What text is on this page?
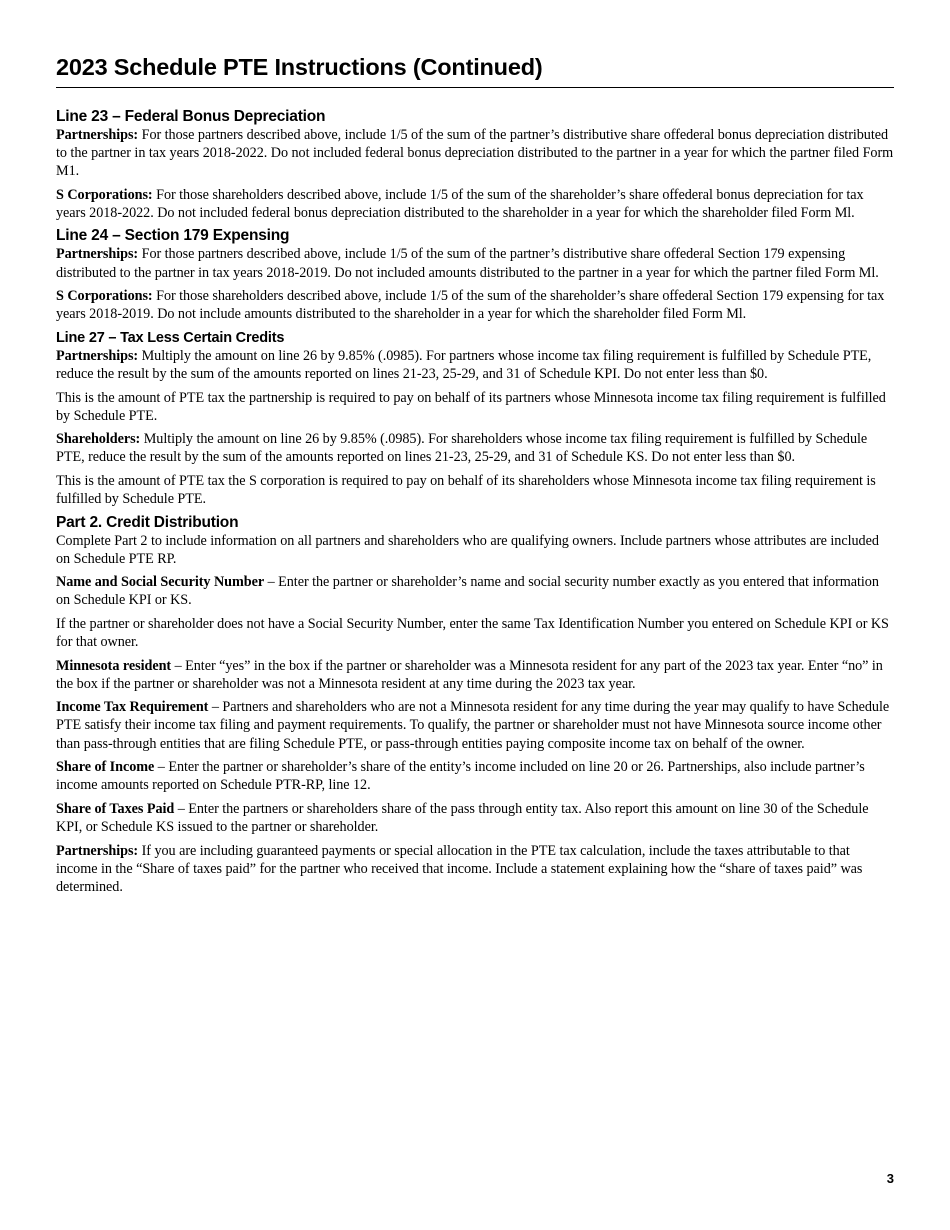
2023 Schedule PTE Instructions (Continued)
Line 23 – Federal Bonus Depreciation

Partnerships: For those partners described above, include 1/5 of the sum of the partner’s distributive share offederal bonus depreciation distributed to the partner in tax years 2018-2022. Do not included federal bonus depreciation distributed to the partner in a year for which the partner filed Form M1.

S Corporations: For those shareholders described above, include 1/5 of the sum of the shareholder’s share offederal bonus depreciation for tax years 2018-2022. Do not included federal bonus depreciation distributed to the shareholder in a year for which the shareholder filed Form Ml.

Line 24 – Section 179 Expensing

Partnerships: For those partners described above, include 1/5 of the sum of the partner’s distributive share offederal Section 179 expensing distributed to the partner in tax years 2018-2019. Do not included amounts distributed to the partner in a year for which the partner filed Form Ml.

S Corporations: For those shareholders described above, include 1/5 of the sum of the shareholder’s share offederal Section 179 expensing for tax years 2018-2019. Do not include amounts distributed to the shareholder in a year for which the shareholder filed Form Ml.

Line 27 – Tax Less Certain Credits

Partnerships: Multiply the amount on line 26 by 9.85% (.0985). For partners whose income tax filing requirement is fulfilled by Schedule PTE, reduce the result by the sum of the amounts reported on lines 21-23, 25-29, and 31 of Schedule KPI. Do not enter less than $0.

This is the amount of PTE tax the partnership is required to pay on behalf of its partners whose Minnesota income tax filing requirement is fulfilled by Schedule PTE.

Shareholders: Multiply the amount on line 26 by 9.85% (.0985). For shareholders whose income tax filing requirement is fulfilled by Schedule PTE, reduce the result by the sum of the amounts reported on lines 21-23, 25-29, and 31 of Schedule KS. Do not enter less than $0.

This is the amount of PTE tax the S corporation is required to pay on behalf of its shareholders whose Minnesota income tax filing requirement is fulfilled by Schedule PTE.

Part 2. Credit Distribution

Complete Part 2 to include information on all partners and shareholders who are qualifying owners. Include partners whose attributes are included on Schedule PTE RP.

Name and Social Security Number – Enter the partner or shareholder’s name and social security number exactly as you entered that information on Schedule KPI or KS.

If the partner or shareholder does not have a Social Security Number, enter the same Tax Identification Number you entered on Schedule KPI or KS for that owner.

Minnesota resident – Enter “yes” in the box if the partner or shareholder was a Minnesota resident for any part of the 2023 tax year. Enter “no” in the box if the partner or shareholder was not a Minnesota resident at any time during the 2023 tax year.

Income Tax Requirement – Partners and shareholders who are not a Minnesota resident for any time during the year may qualify to have Schedule PTE satisfy their income tax filing and payment requirements. To qualify, the partner or shareholder must not have Minnesota source income other than pass-through entities that are filing Schedule PTE, or pass-through entities paying composite income tax on behalf of the owner.

Share of Income – Enter the partner or shareholder’s share of the entity’s income included on line 20 or 26. Partnerships, also include partner’s income amounts reported on Schedule PTR-RP, line 12.

Share of Taxes Paid – Enter the partners or shareholders share of the pass through entity tax. Also report this amount on line 30 of the Schedule KPI, or Schedule KS issued to the partner or shareholder.

Partnerships: If you are including guaranteed payments or special allocation in the PTE tax calculation, include the taxes attributable to that income in the “Share of taxes paid” for the partner who received that income. Include a statement explaining how the “share of taxes paid” was determined.

3
